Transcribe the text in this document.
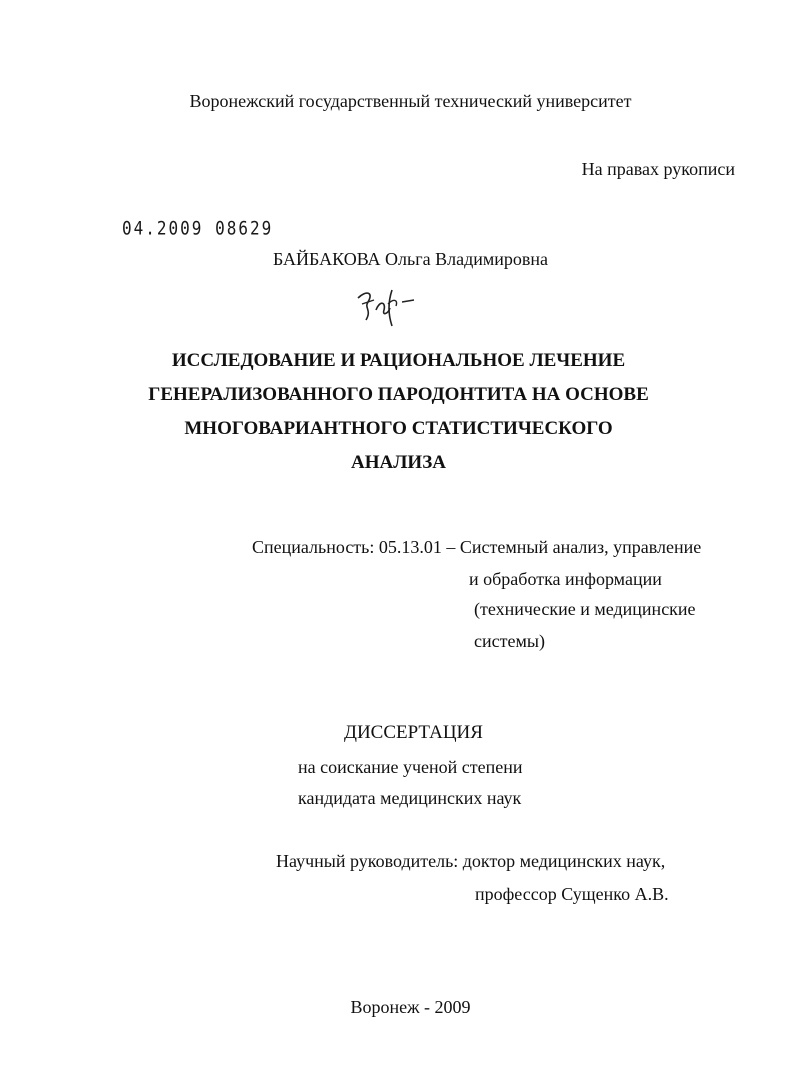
Воронежский государственный технический университет
На правах рукописи
04.2009 08629
БАЙБАКОВА Ольга Владимировна
ИССЛЕДОВАНИЕ И РАЦИОНАЛЬНОЕ ЛЕЧЕНИЕ
ГЕНЕРАЛИЗОВАННОГО ПАРОДОНТИТА НА ОСНОВЕ
МНОГОВАРИАНТНОГО СТАТИСТИЧЕСКОГО
АНАЛИЗА
Специальность: 05.13.01 – Системный анализ, управление
и обработка информации
(технические и медицинские
системы)
ДИССЕРТАЦИЯ
на соискание ученой степени
кандидата медицинских наук
Научный руководитель: доктор медицинских наук,
профессор Сущенко А.В.
Воронеж - 2009
